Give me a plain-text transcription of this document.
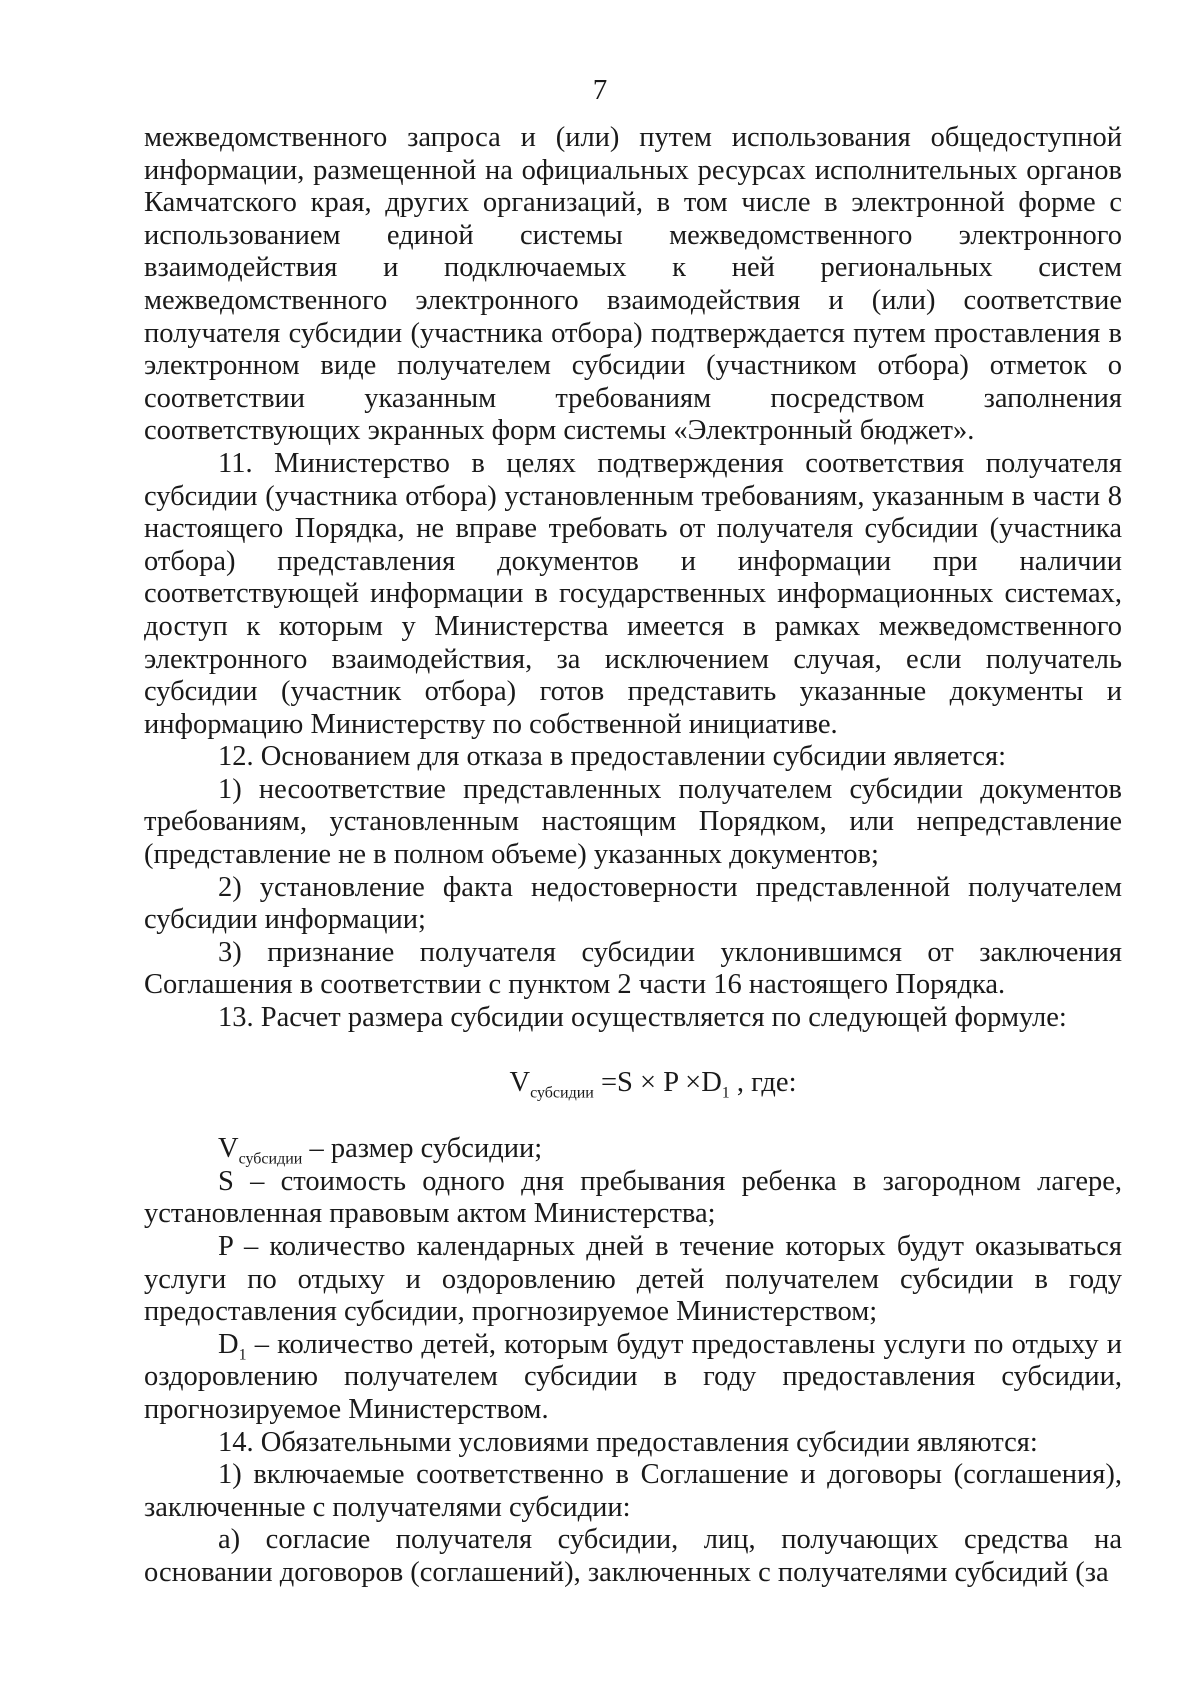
7

межведомственного запроса и (или) путем использования общедоступной информации, размещенной на официальных ресурсах исполнительных органов Камчатского края, других организаций, в том числе в электронной форме с использованием единой системы межведомственного электронного взаимодействия и подключаемых к ней региональных систем межведомственного электронного взаимодействия и (или) соответствие получателя субсидии (участника отбора) подтверждается путем проставления в электронном виде получателем субсидии (участником отбора) отметок о соответствии указанным требованиям посредством заполнения соответствующих экранных форм системы «Электронный бюджет».

11. Министерство в целях подтверждения соответствия получателя субсидии (участника отбора) установленным требованиям, указанным в части 8 настоящего Порядка, не вправе требовать от получателя субсидии (участника отбора) представления документов и информации при наличии соответствующей информации в государственных информационных системах, доступ к которым у Министерства имеется в рамках межведомственного электронного взаимодействия, за исключением случая, если получатель субсидии (участник отбора) готов представить указанные документы и информацию Министерству по собственной инициативе.

12. Основанием для отказа в предоставлении субсидии является:

1) несоответствие представленных получателем субсидии документов требованиям, установленным настоящим Порядком, или непредставление (представление не в полном объеме) указанных документов;

2) установление факта недостоверности представленной получателем субсидии информации;

3) признание получателя субсидии уклонившимся от заключения Соглашения в соответствии с пунктом 2 части 16 настоящего Порядка.

13. Расчет размера субсидии осуществляется по следующей формуле:

$V_{субсидии} =S \times P \times D_1$ , где:

$V_{субсидии}$ – размер субсидии;

S – стоимость одного дня пребывания ребенка в загородном лагере, установленная правовым актом Министерства;

P – количество календарных дней в течение которых будут оказываться услуги по отдыху и оздоровлению детей получателем субсидии в году предоставления субсидии, прогнозируемое Министерством;

$D_1$ – количество детей, которым будут предоставлены услуги по отдыху и оздоровлению получателем субсидии в году предоставления субсидии, прогнозируемое Министерством.

14. Обязательными условиями предоставления субсидии являются:

1) включаемые соответственно в Соглашение и договоры (соглашения), заключенные с получателями субсидии:

а) согласие получателя субсидии, лиц, получающих средства на основании договоров (соглашений), заключенных с получателями субсидий (за
